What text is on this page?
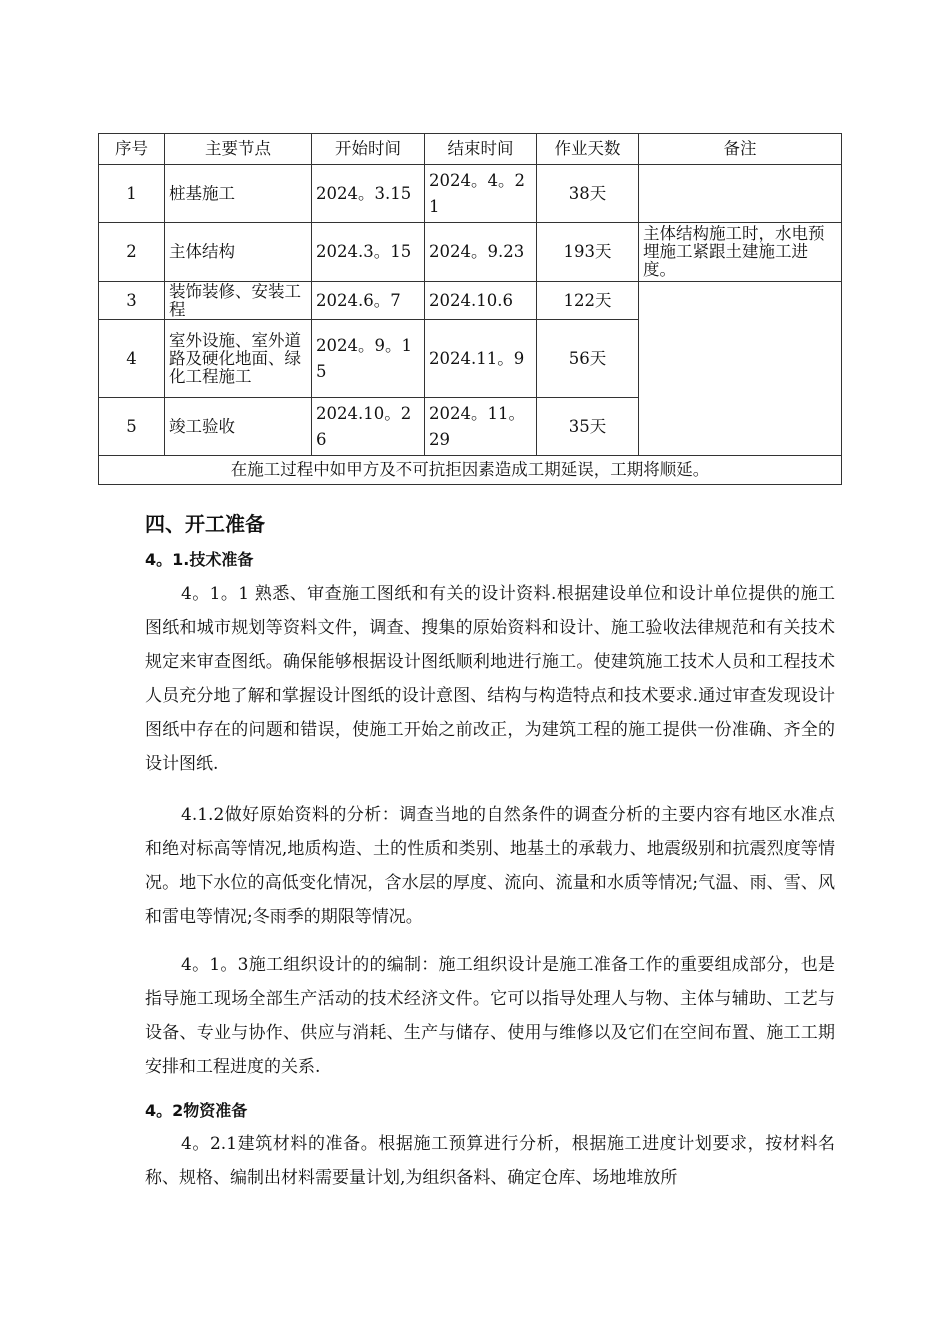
序号	主要节点	开始时间	结束时间	作业天数	备注
1	桩基施工	2024。3.15	2024。4。21	38天	
2	主体结构	2024.3。15	2024。9.23	193天	主体结构施工时，水电预埋施工紧跟土建施工进度。
3	装饰装修、安装工程	2024.6。7	2024.10.6	122天	
4	室外设施、室外道路及硬化地面、绿化工程施工	2024。9。15	2024.11。9	56天	
5	竣工验收	2024.10。26	2024。11。29	35天	
在施工过程中如甲方及不可抗拒因素造成工期延误，工期将顺延。					
四、开工准备
4。1.技术准备

4。1。1 熟悉、审查施工图纸和有关的设计资料.根据建设单位和设计单位提供的施工图纸和城市规划等资料文件，调查、搜集的原始资料和设计、施工验收法律规范和有关技术规定来审查图纸。确保能够根据设计图纸顺利地进行施工。使建筑施工技术人员和工程技术人员充分地了解和掌握设计图纸的设计意图、结构与构造特点和技术要求.通过审查发现设计图纸中存在的问题和错误，使施工开始之前改正，为建筑工程的施工提供一份准确、齐全的设计图纸.

4.1.2做好原始资料的分析：调查当地的自然条件的调查分析的主要内容有地区水准点和绝对标高等情况,地质构造、土的性质和类别、地基土的承载力、地震级别和抗震烈度等情况。地下水位的高低变化情况，含水层的厚度、流向、流量和水质等情况;气温、雨、雪、风和雷电等情况;冬雨季的期限等情况。

4。1。3施工组织设计的的编制：施工组织设计是施工准备工作的重要组成部分，也是指导施工现场全部生产活动的技术经济文件。它可以指导处理人与物、主体与辅助、工艺与设备、专业与协作、供应与消耗、生产与储存、使用与维修以及它们在空间布置、施工工期安排和工程进度的关系.

4。2物资准备

4。2.1建筑材料的准备。根据施工预算进行分析，根据施工进度计划要求，按材料名称、规格、编制出材料需要量计划,为组织备料、确定仓库、场地堆放所
